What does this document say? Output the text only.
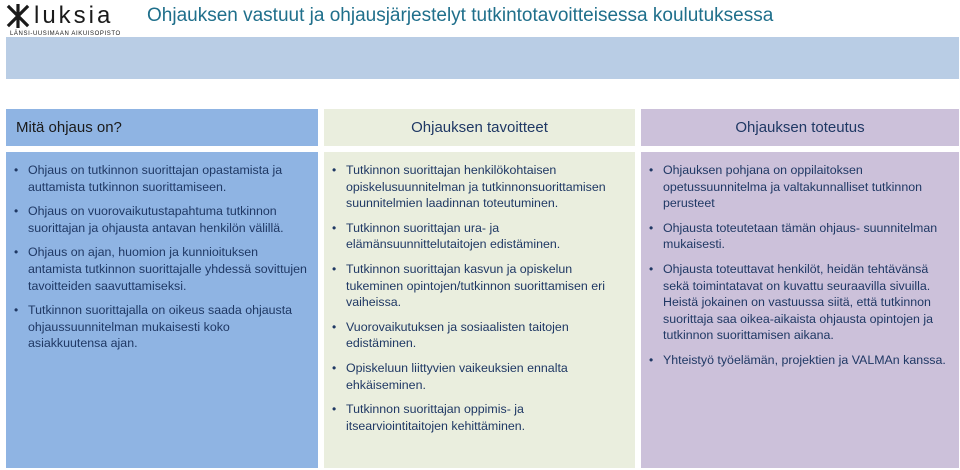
luksia
LÄNSI-UUSIMAAN AIKUISOPISTO
Ohjauksen vastuut ja ohjausjärjestelyt tutkintotavoitteisessa koulutuksessa
Mitä ohjaus on?	Ohjauksen tavoitteet	Ohjauksen toteutus
• Ohjaus on tutkinnon suorittajan opastamista ja auttamista tutkinnon suorittamiseen.
• Ohjaus on vuorovaikutustapahtuma tutkinnon suorittajan ja ohjausta antavan henkilön välillä.
• Ohjaus on ajan, huomion ja kunnioituksen antamista tutkinnon suorittajalle yhdessä sovittujen tavoitteiden saavuttamiseksi.
• Tutkinnon suorittajalla on oikeus saada ohjausta ohjaussuunnitelman mukaisesti koko asiakkuutensa ajan.
• Tutkinnon suorittajan henkilökohtaisen opiskelusuunnitelman ja tutkinnonsuorittamisen suunnitelmien laadinnan toteutuminen.
• Tutkinnon suorittajan ura- ja elämänsuunnittelutaitojen edistäminen.
• Tutkinnon suorittajan kasvun ja opiskelun tukeminen opintojen/tutkinnon suorittamisen eri vaiheissa.
• Vuorovaikutuksen ja sosiaalisten taitojen edistäminen.
• Opiskeluun liittyvien vaikeuksien ennalta ehkäiseminen.
• Tutkinnon suorittajan oppimis- ja itsearviointitaitojen kehittäminen.
• Ohjauksen pohjana on oppilaitoksen opetussuunnitelma ja valtakunnalliset tutkinnon perusteet
• Ohjausta toteutetaan tämän ohjaus- suunnitelman mukaisesti.
• Ohjausta toteuttavat henkilöt, heidän tehtävänsä sekä toimintatavat on kuvattu seuraavilla sivuilla. Heistä jokainen on vastuussa siitä, että tutkinnon suorittaja saa oikea-aikaista ohjausta opintojen ja tutkinnon suorittamisen aikana.
• Yhteistyö työelämän, projektien ja VALMAn kanssa.
